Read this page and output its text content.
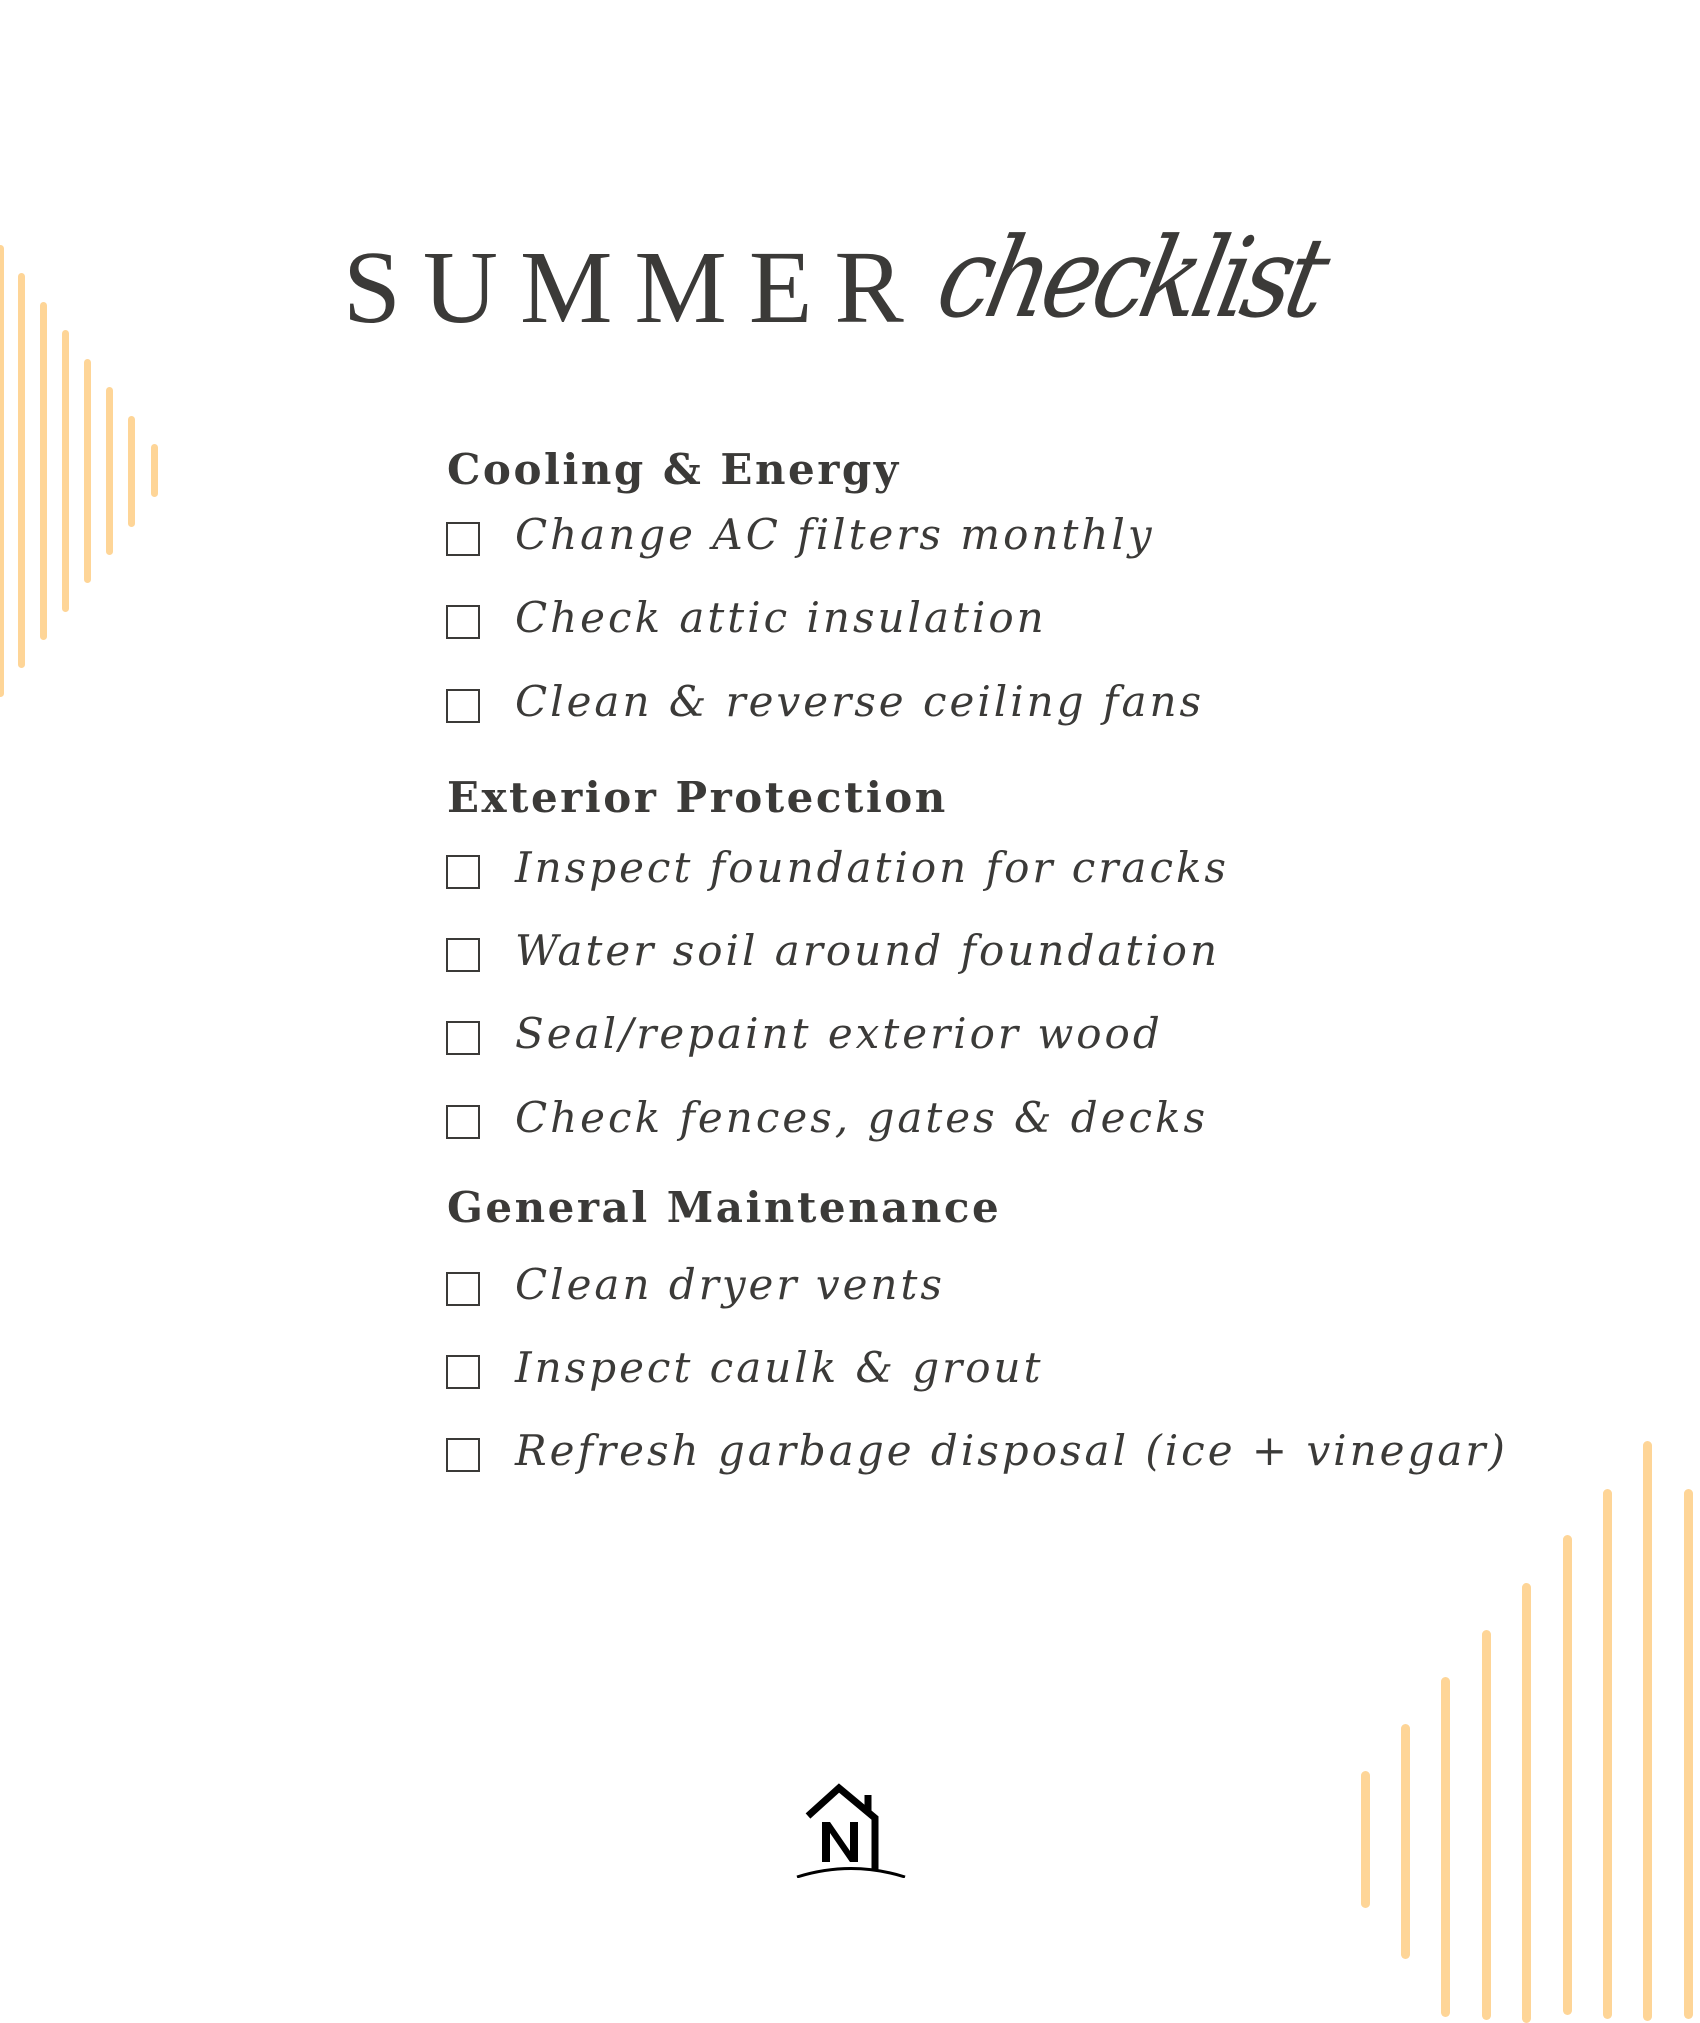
SUMMER checklist
Cooling & Energy
Change AC filters monthly
Check attic insulation
Clean & reverse ceiling fans
Exterior Protection
Inspect foundation for cracks
Water soil around foundation
Seal/repaint exterior wood
Check fences, gates & decks
General Maintenance
Clean dryer vents
Inspect caulk & grout
Refresh garbage disposal (ice + vinegar)
